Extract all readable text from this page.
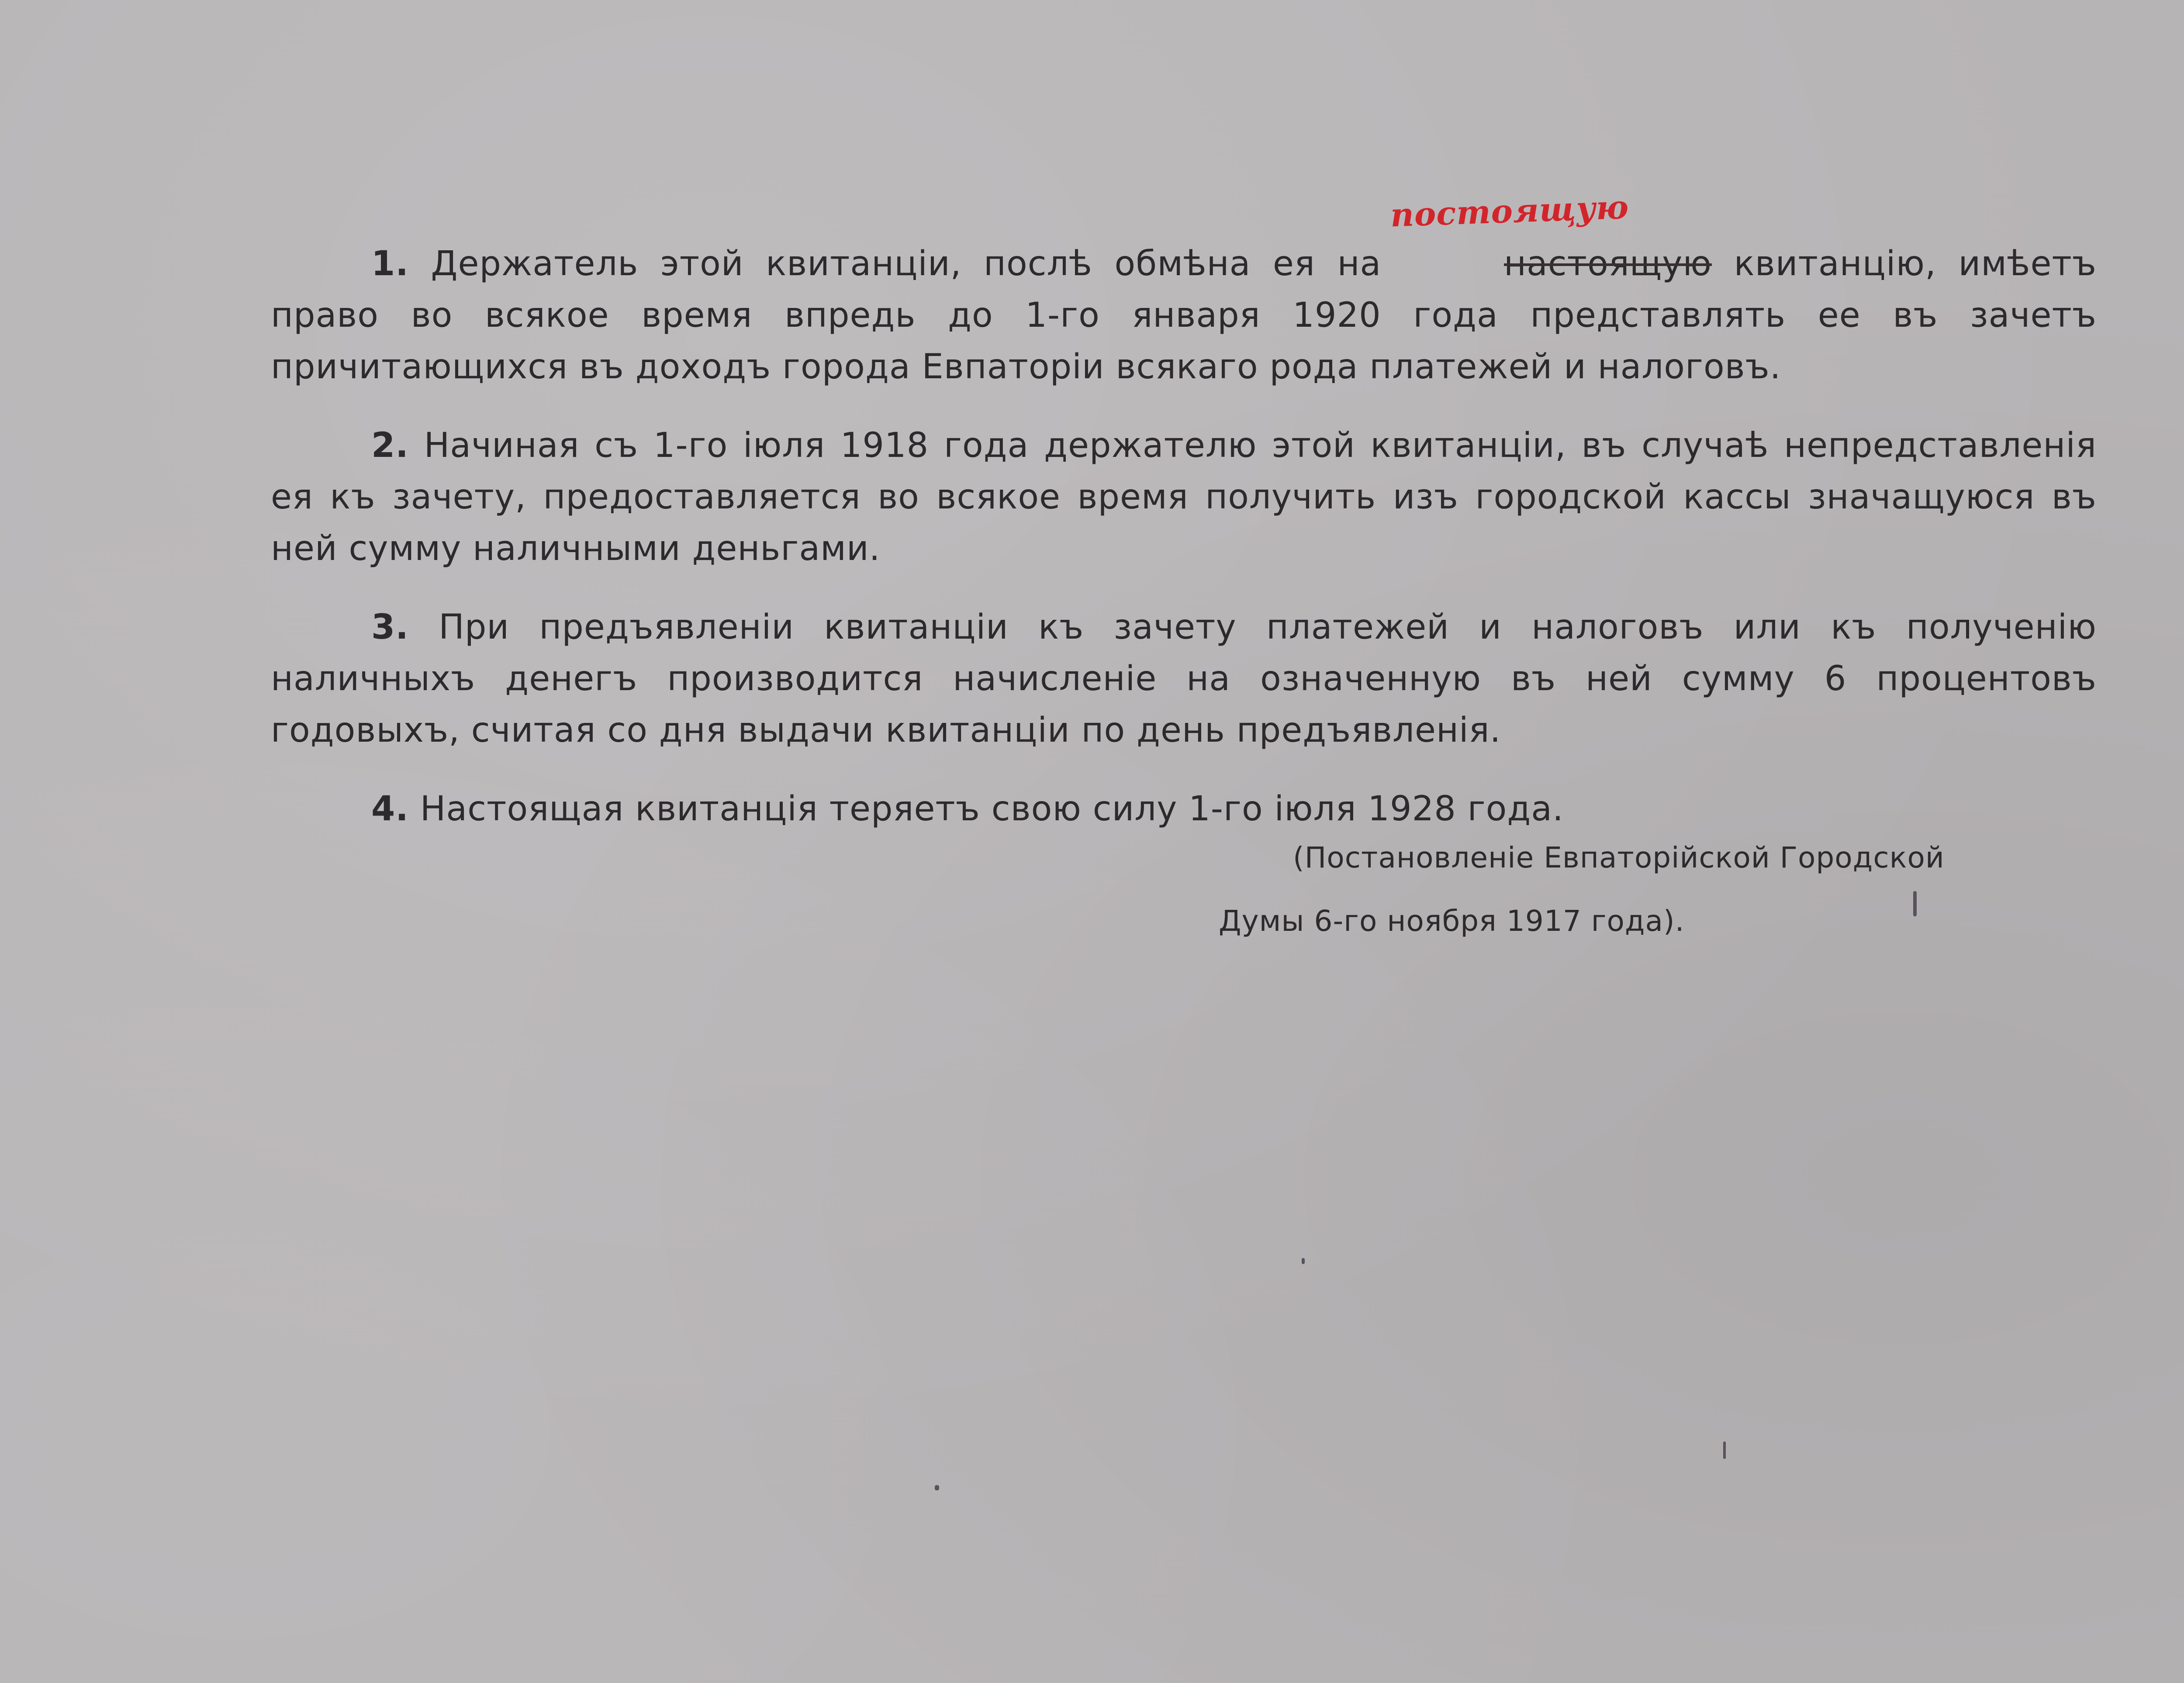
1. Держатель этой квитанціи, послѣ обмѣна ея на	настоящую
постоящую
квитанцію, имѣетъ право во всякое время впредь до 1-го января 1920 года представлять ее въ зачетъ причитающихся въ доходъ города Евпаторіи всякаго рода платежей и налоговъ.

2. Начиная съ 1-го іюля 1918 года держателю этой квитанціи, въ случаѣ непредставленія ея къ зачету, предоставляется во всякое время получить изъ городской кассы значащуюся въ ней сумму наличными деньгами.

3. При предъявленіи квитанціи къ зачету платежей и налоговъ или къ полученію наличныхъ денегъ производится начисленіе на означенную въ ней сумму 6 процентовъ годовыхъ, считая со дня выдачи квитанціи по день предъявленія.

4. Настоящая квитанція теряетъ свою силу 1-го іюля 1928 года.

(Постановленіе Евпаторійской Городской
Думы 6-го ноября 1917 года).
